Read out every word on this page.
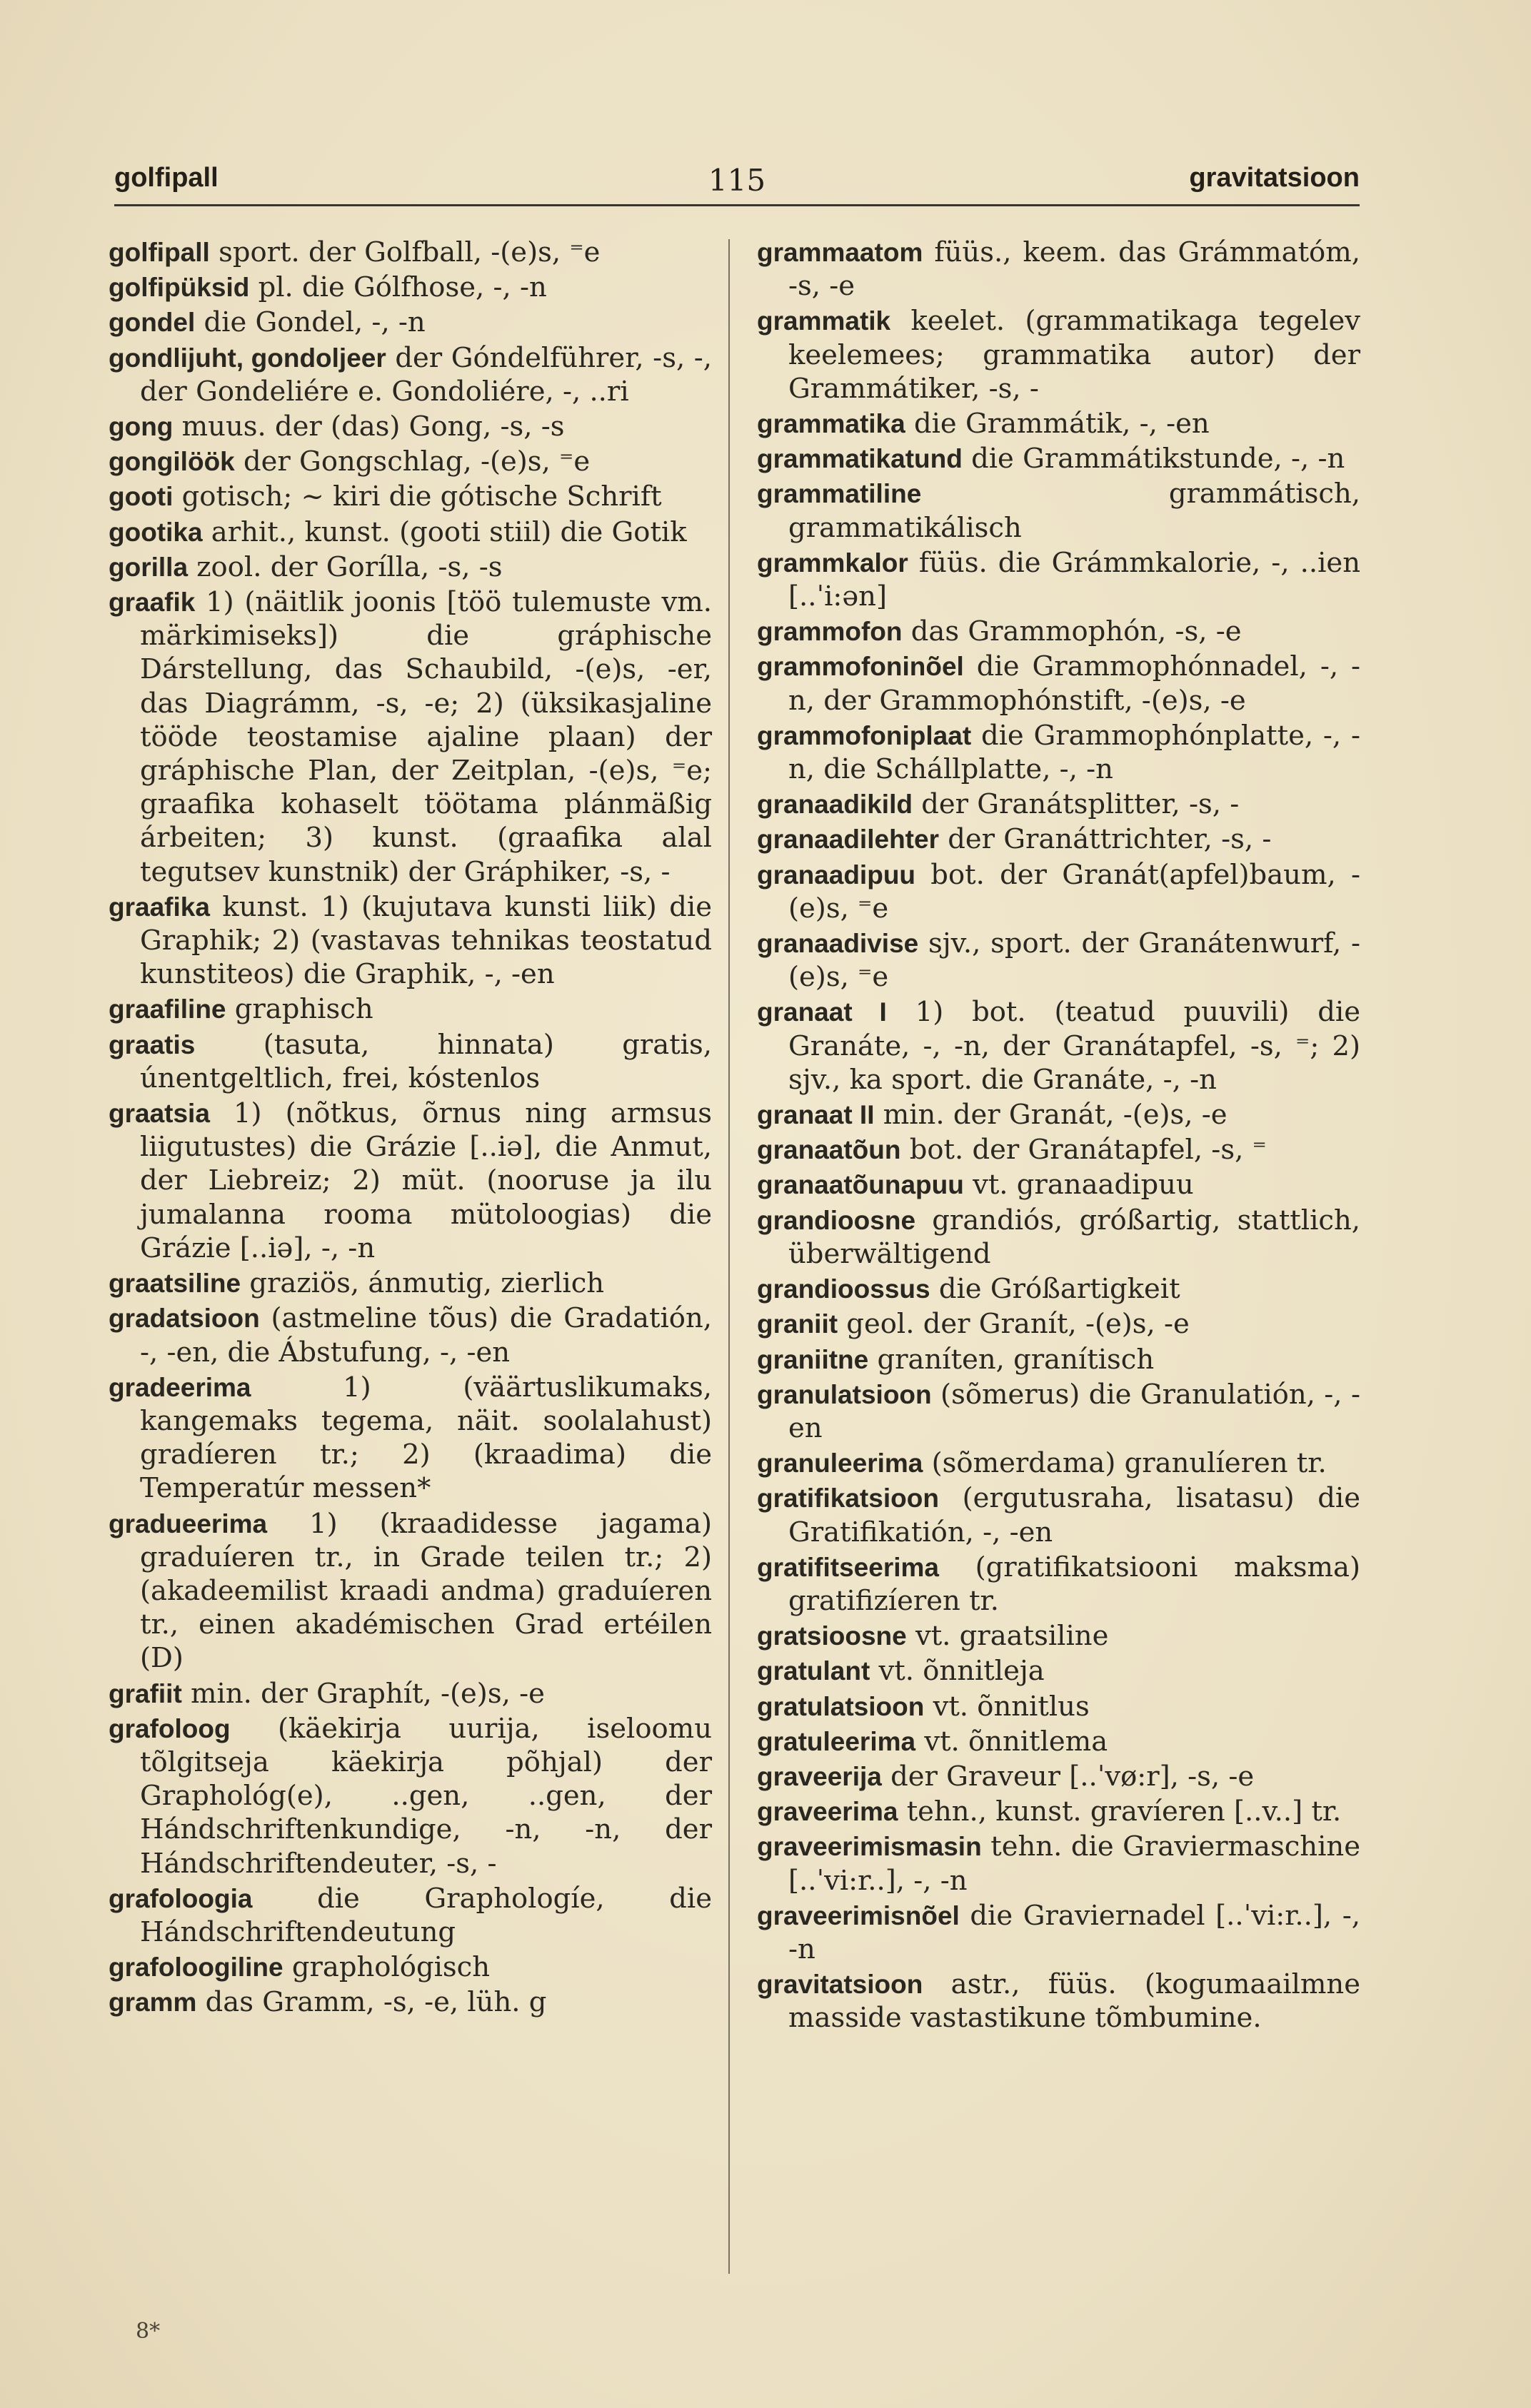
golfipall	115	gravitatsioon

golfipall sport. der Golfball, -(e)s, ⁼e

golfipüksid pl. die Gólfhose, -, -n

gondel die Gondel, -, -n

gondlijuht, gondoljeer der Góndelführer, -s, -, der Gondeliére e. Gondoliére, -, ..ri

gong muus. der (das) Gong, -s, -s

gongilöök der Gongschlag, -(e)s, ⁼e

gooti gotisch; ~ kiri die gótische Schrift

gootika arhit., kunst. (gooti stiil) die Gotik

gorilla zool. der Gorílla, -s, -s

graafik 1) (näitlik joonis [töö tulemuste vm. märkimiseks]) die gráphische Dárstellung, das Schaubild, -(e)s, -er, das Diagrámm, -s, -e; 2) (üksikasjaline tööde teostamise ajaline plaan) der gráphische Plan, der Zeitplan, -(e)s, ⁼e; graafika kohaselt töötama plánmäßig árbeiten; 3) kunst. (graafika alal tegutsev kunstnik) der Gráphiker, -s, -

graafika kunst. 1) (kujutava kunsti liik) die Graphik; 2) (vastavas tehnikas teostatud kunstiteos) die Graphik, -, -en

graafiline graphisch

graatis (tasuta, hinnata) gratis, únentgeltlich, frei, kóstenlos

graatsia 1) (nõtkus, õrnus ning armsus liigutustes) die Grázie [..iə], die Anmut, der Liebreiz; 2) müt. (nooruse ja ilu jumalanna rooma mütoloogias) die Grázie [..iə], -, -n

graatsiline graziös, ánmutig, zierlich

gradatsioon (astmeline tõus) die Gradatión, -, -en, die Ábstufung, -, -en

gradeerima 1) (väärtuslikumaks, kangemaks tegema, näit. soolalahust) gradíeren tr.; 2) (kraadima) die Temperatúr messen*

gradueerima 1) (kraadidesse jagama) graduíeren tr., in Grade teilen tr.; 2) (akadeemilist kraadi andma) graduíeren tr., einen akadémischen Grad ertéilen (D)

grafiit min. der Graphít, -(e)s, -e

grafoloog (käekirja uurija, iseloomu tõlgitseja käekirja põhjal) der Graphológ(e), ..gen, ..gen, der Hándschriftenkundige, -n, -n, der Hándschriftendeuter, -s, -

grafoloogia die Graphologíe, die Hándschriftendeutung

grafoloogiline graphológisch

gramm das Gramm, -s, -e, lüh. g

grammaatom füüs., keem. das Grámmatóm, -s, -e

grammatik keelet. (grammatikaga tegelev keelemees; grammatika autor) der Grammátiker, -s, -

grammatika die Grammátik, -, -en

grammatikatund die Grammátikstunde, -, -n

grammatiline grammátisch, grammatikálisch

grammkalor füüs. die Grámmkalorie, -, ..ien [..ˈi:ən]

grammofon das Grammophón, -s, -e

grammofoninõel die Grammophónnadel, -, -n, der Grammophónstift, -(e)s, -e

grammofoniplaat die Grammophónplatte, -, -n, die Schállplatte, -, -n

granaadikild der Granátsplitter, -s, -

granaadilehter der Granáttrichter, -s, -

granaadipuu bot. der Granát(apfel)baum, -(e)s, ⁼e

granaadivise sjv., sport. der Granátenwurf, -(e)s, ⁼e

granaat I 1) bot. (teatud puuvili) die Granáte, -, -n, der Granátapfel, -s, ⁼; 2) sjv., ka sport. die Granáte, -, -n

granaat II min. der Granát, -(e)s, -e

granaatõun bot. der Granátapfel, -s, ⁼

granaatõunapuu vt. granaadipuu

grandioosne grandiós, gróßartig, stattlich, überwältigend

grandioossus die Gróßartigkeit

graniit geol. der Granít, -(e)s, -e

graniitne graníten, granítisch

granulatsioon (sõmerus) die Granulatión, -, -en

granuleerima (sõmerdama) granulíeren tr.

gratifikatsioon (ergutusraha, lisatasu) die Gratifikatión, -, -en

gratifitseerima (gratifikatsiooni maksma) gratifizíeren tr.

gratsioosne vt. graatsiline

gratulant vt. õnnitleja

gratulatsioon vt. õnnitlus

gratuleerima vt. õnnitlema

graveerija der Graveur [..ˈvø:r], -s, -e

graveerima tehn., kunst. gravíeren [..v..] tr.

graveerimismasin tehn. die Graviermaschine [..ˈvi:r..], -, -n

graveerimisnõel die Graviernadel [..ˈvi:r..], -, -n

gravitatsioon astr., füüs. (kogumaailmne masside vastastikune tõmbumine.

8*
